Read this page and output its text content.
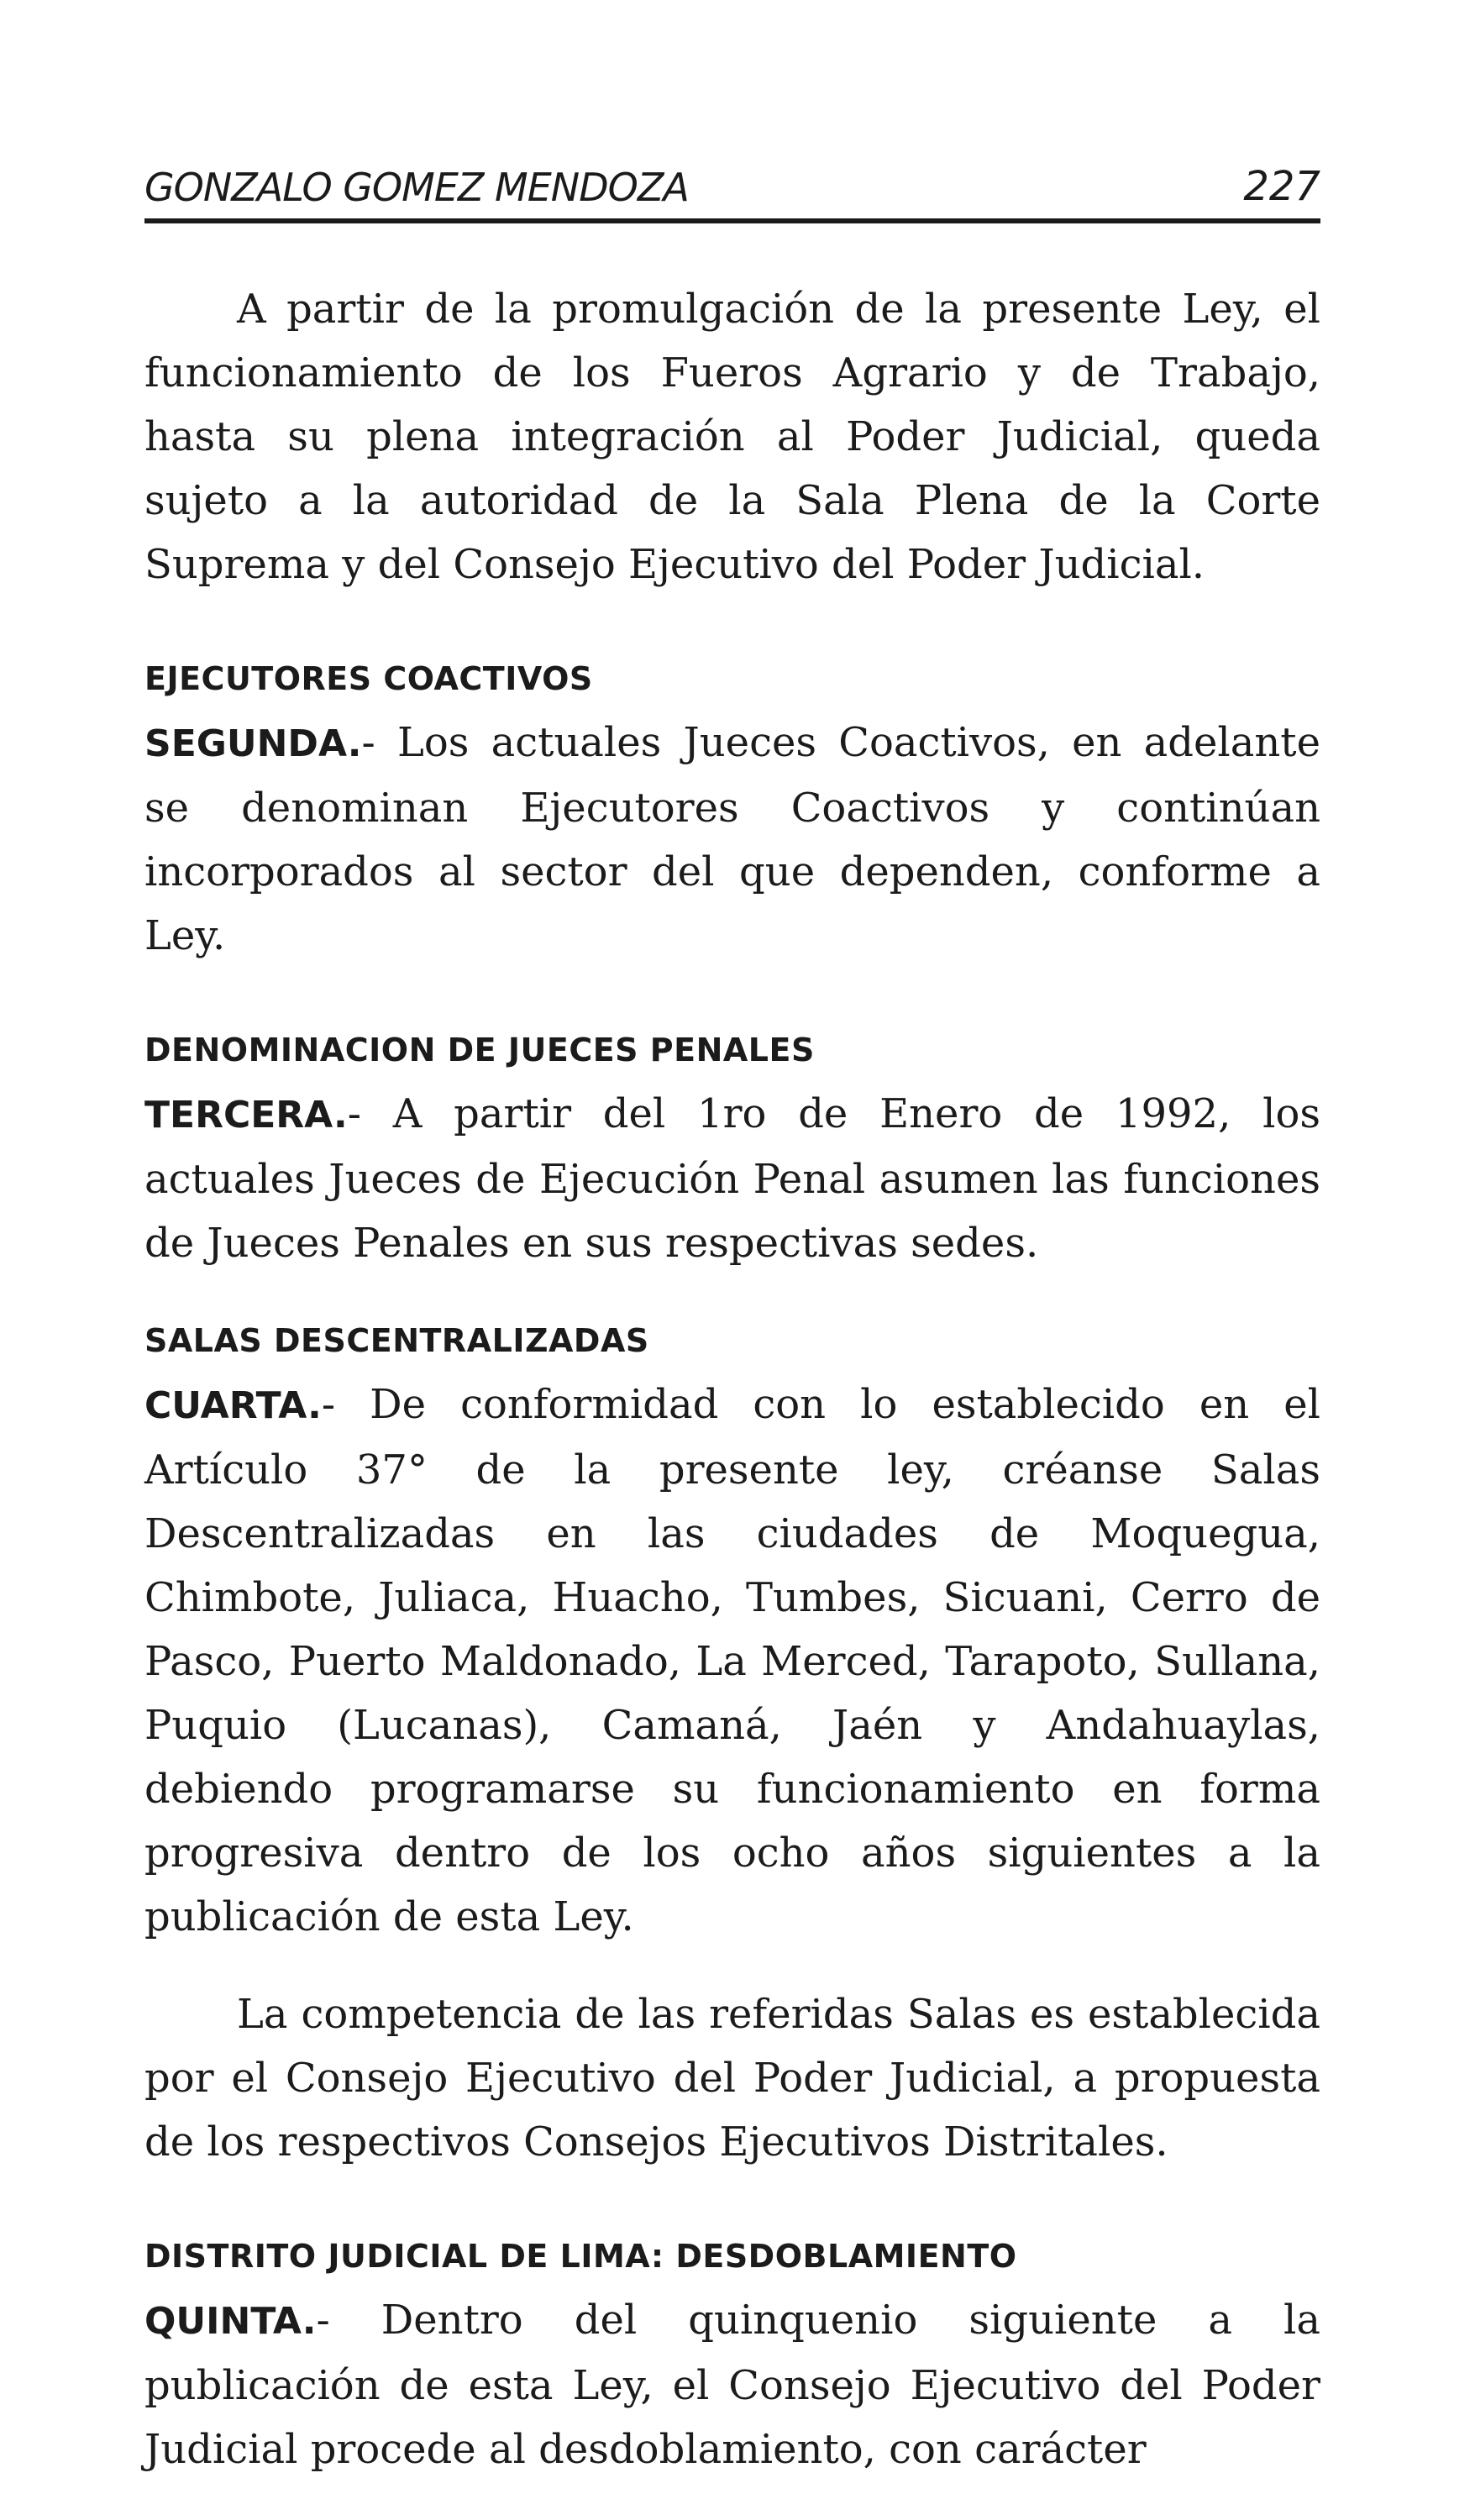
GONZALO GOMEZ MENDOZA	227

A partir de la promulgación de la presente Ley, el funcionamiento de los Fueros Agrario y de Trabajo, hasta su plena integración al Poder Judicial, queda sujeto a la autoridad de la Sala Plena de la Corte Suprema y del Consejo Ejecutivo del Poder Judicial.

EJECUTORES COACTIVOS

SEGUNDA.- Los actuales Jueces Coactivos, en adelante se denominan Ejecutores Coactivos y continúan incorporados al sector del que dependen, conforme a Ley.

DENOMINACION DE JUECES PENALES

TERCERA.- A partir del 1ro de Enero de 1992, los actuales Jueces de Ejecución Penal asumen las funciones de Jueces Penales en sus respectivas sedes.

SALAS DESCENTRALIZADAS

CUARTA.- De conformidad con lo establecido en el Artículo 37° de la presente ley, créanse Salas Descentralizadas en las ciudades de Moquegua, Chimbote, Juliaca, Huacho, Tumbes, Sicuani, Cerro de Pasco, Puerto Maldonado, La Merced, Tarapoto, Sullana, Puquio (Lucanas), Camaná, Jaén y Andahuaylas, debiendo programarse su funcionamiento en forma progresiva dentro de los ocho años siguientes a la publicación de esta Ley.

La competencia de las referidas Salas es establecida por el Consejo Ejecutivo del Poder Judicial, a propuesta de los respectivos Consejos Ejecutivos Distritales.

DISTRITO JUDICIAL DE LIMA: DESDOBLAMIENTO

QUINTA.- Dentro del quinquenio siguiente a la publicación de esta Ley, el Consejo Ejecutivo del Poder Judicial procede al desdoblamiento, con carácter
